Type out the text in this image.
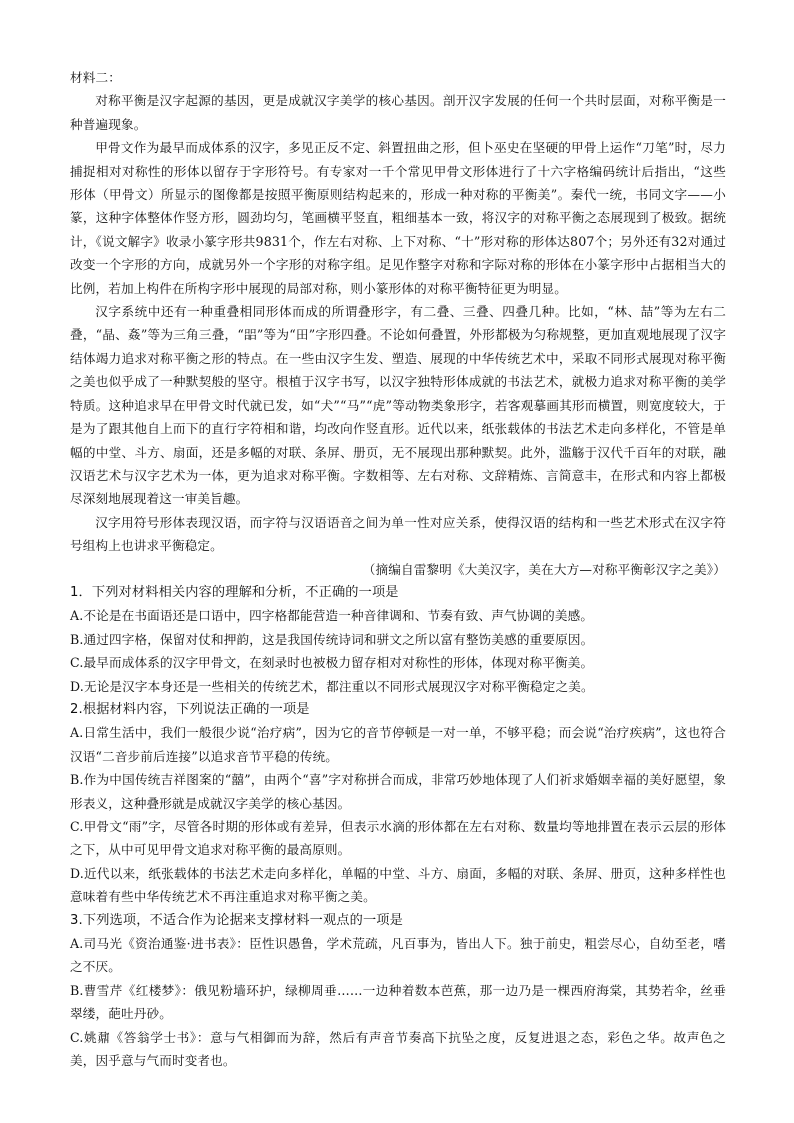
材料二：

对称平衡是汉字起源的基因，更是成就汉字美学的核心基因。剖开汉字发展的任何一个共时层面，对称平衡是一种普遍现象。

甲骨文作为最早而成体系的汉字，多见正反不定、斜置扭曲之形，但卜巫史在坚硬的甲骨上运作“刀笔”时，尽力捕捉相对对称性的形体以留存于字形符号。有专家对一千个常见甲骨文形体进行了十六字格编码统计后指出，“这些形体（甲骨文）所显示的图像都是按照平衡原则结构起来的，形成一种对称的平衡美”。秦代一统，书同文字——小篆，这种字体整体作竖方形，圆劲均匀，笔画横平竖直，粗细基本一致，将汉字的对称平衡之态展现到了极致。据统计，《说文解字》收录小篆字形共9831个，作左右对称、上下对称、“十”形对称的形体达807个；另外还有32对通过改变一个字形的方向，成就另外一个字形的对称字组。足见作整字对称和字际对称的形体在小篆字形中占据相当大的比例，若加上构件在所构字形中展现的局部对称，则小篆形体的对称平衡特征更为明显。

汉字系统中还有一种重叠相同形体而成的所谓叠形字，有二叠、三叠、四叠几种。比如，“林、喆”等为左右二叠，“晶、姦”等为三角三叠，“㗊”等为“田”字形四叠。不论如何叠置，外形都极为匀称规整，更加直观地展现了汉字结体竭力追求对称平衡之形的特点。在一些由汉字生发、塑造、展现的中华传统艺术中，采取不同形式展现对称平衡之美也似乎成了一种默契般的坚守。根植于汉字书写，以汉字独特形体成就的书法艺术，就极力追求对称平衡的美学特质。这种追求早在甲骨文时代就已发，如“犬”“马”“虎”等动物类象形字，若客观摹画其形而横置，则宽度较大，于是为了跟其他自上而下的直行字符相和谐，均改向作竖直形。近代以来，纸张载体的书法艺术走向多样化，不管是单幅的中堂、斗方、扇面，还是多幅的对联、条屏、册页，无不展现出那种默契。此外，滥觞于汉代千百年的对联，融汉语艺术与汉字艺术为一体，更为追求对称平衡。字数相等、左右对称、文辞精炼、言简意丰，在形式和内容上都极尽深刻地展现着这一审美旨趣。

汉字用符号形体表现汉语，而字符与汉语语音之间为单一性对应关系，使得汉语的结构和一些艺术形式在汉字符号组构上也讲求平衡稳定。

（摘编自雷黎明《大美汉字，美在大方—对称平衡彰汉字之美》）

1．下列对材料相关内容的理解和分析，不正确的一项是

A.不论是在书面语还是口语中，四字格都能营造一种音律调和、节奏有致、声气协调的美感。

B.通过四字格，保留对仗和押韵，这是我国传统诗词和骈文之所以富有整饬美感的重要原因。

C.最早而成体系的汉字甲骨文，在刻录时也被极力留存相对对称性的形体，体现对称平衡美。

D.无论是汉字本身还是一些相关的传统艺术，都注重以不同形式展现汉字对称平衡稳定之美。

2.根据材料内容，下列说法正确的一项是

A.日常生活中，我们一般很少说“治疗病”，因为它的音节停顿是一对一单，不够平稳；而会说“治疗疾病”，这也符合汉语“二音步前后连接”以追求音节平稳的传统。

B.作为中国传统吉祥图案的“囍”，由两个“喜”字对称拼合而成，非常巧妙地体现了人们祈求婚姻幸福的美好愿望，象形表义，这种叠形就是成就汉字美学的核心基因。

C.甲骨文“雨”字，尽管各时期的形体或有差异，但表示水滴的形体都在左右对称、数量均等地排置在表示云层的形体之下，从中可见甲骨文追求对称平衡的最高原则。

D.近代以来，纸张载体的书法艺术走向多样化，单幅的中堂、斗方、扇面，多幅的对联、条屏、册页，这种多样性也意味着有些中华传统艺术不再注重追求对称平衡之美。

3.下列选项，不适合作为论据来支撑材料一观点的一项是

A.司马光《资治通鉴·进书表》：臣性识愚鲁，学术荒疏，凡百事为，皆出人下。独于前史，粗尝尽心，自幼至老，嗜之不厌。

B.曹雪芹《红楼梦》：俄见粉墙环护，绿柳周垂……一边种着数本芭蕉，那一边乃是一棵西府海棠，其势若伞，丝垂翠缕，葩吐丹砂。

C.姚鼐《答翁学士书》：意与气相御而为辞，然后有声音节奏高下抗坠之度，反复进退之态，彩色之华。故声色之美，因乎意与气而时变者也。
